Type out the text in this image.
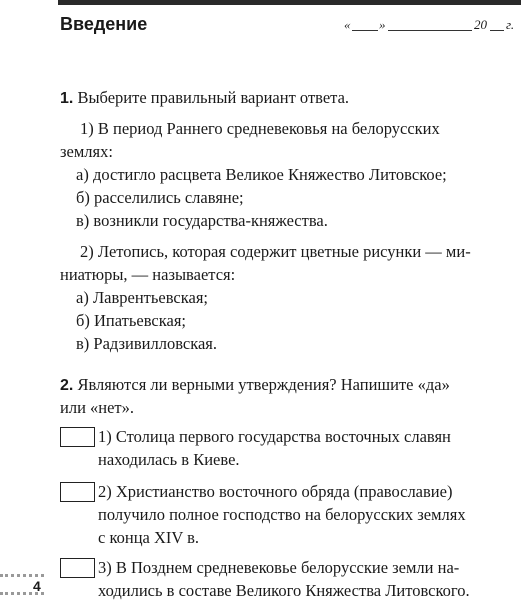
Введение	« »	20 г.
1. Выберите правильный вариант ответа.
1) В период Раннего средневековья на белорусских
землях:
а) достигло расцвета Великое Княжество Литовское;
б) расселились славяне;
в) возникли государства-княжества.
2) Летопись, которая содержит цветные рисунки — ми-
ниатюры, — называется:
а) Лаврентьевская;
б) Ипатьевская;
в) Радзивилловская.
2. Являются ли верными утверждения? Напишите «да»
или «нет».
1) Столица первого государства восточных славян
находилась в Киеве.
2) Христианство восточного обряда (православие)
получило полное господство на белорусских землях
с конца XIV в.
3) В Позднем средневековье белорусские земли на-
ходились в составе Великого Княжества Литовского.
4
